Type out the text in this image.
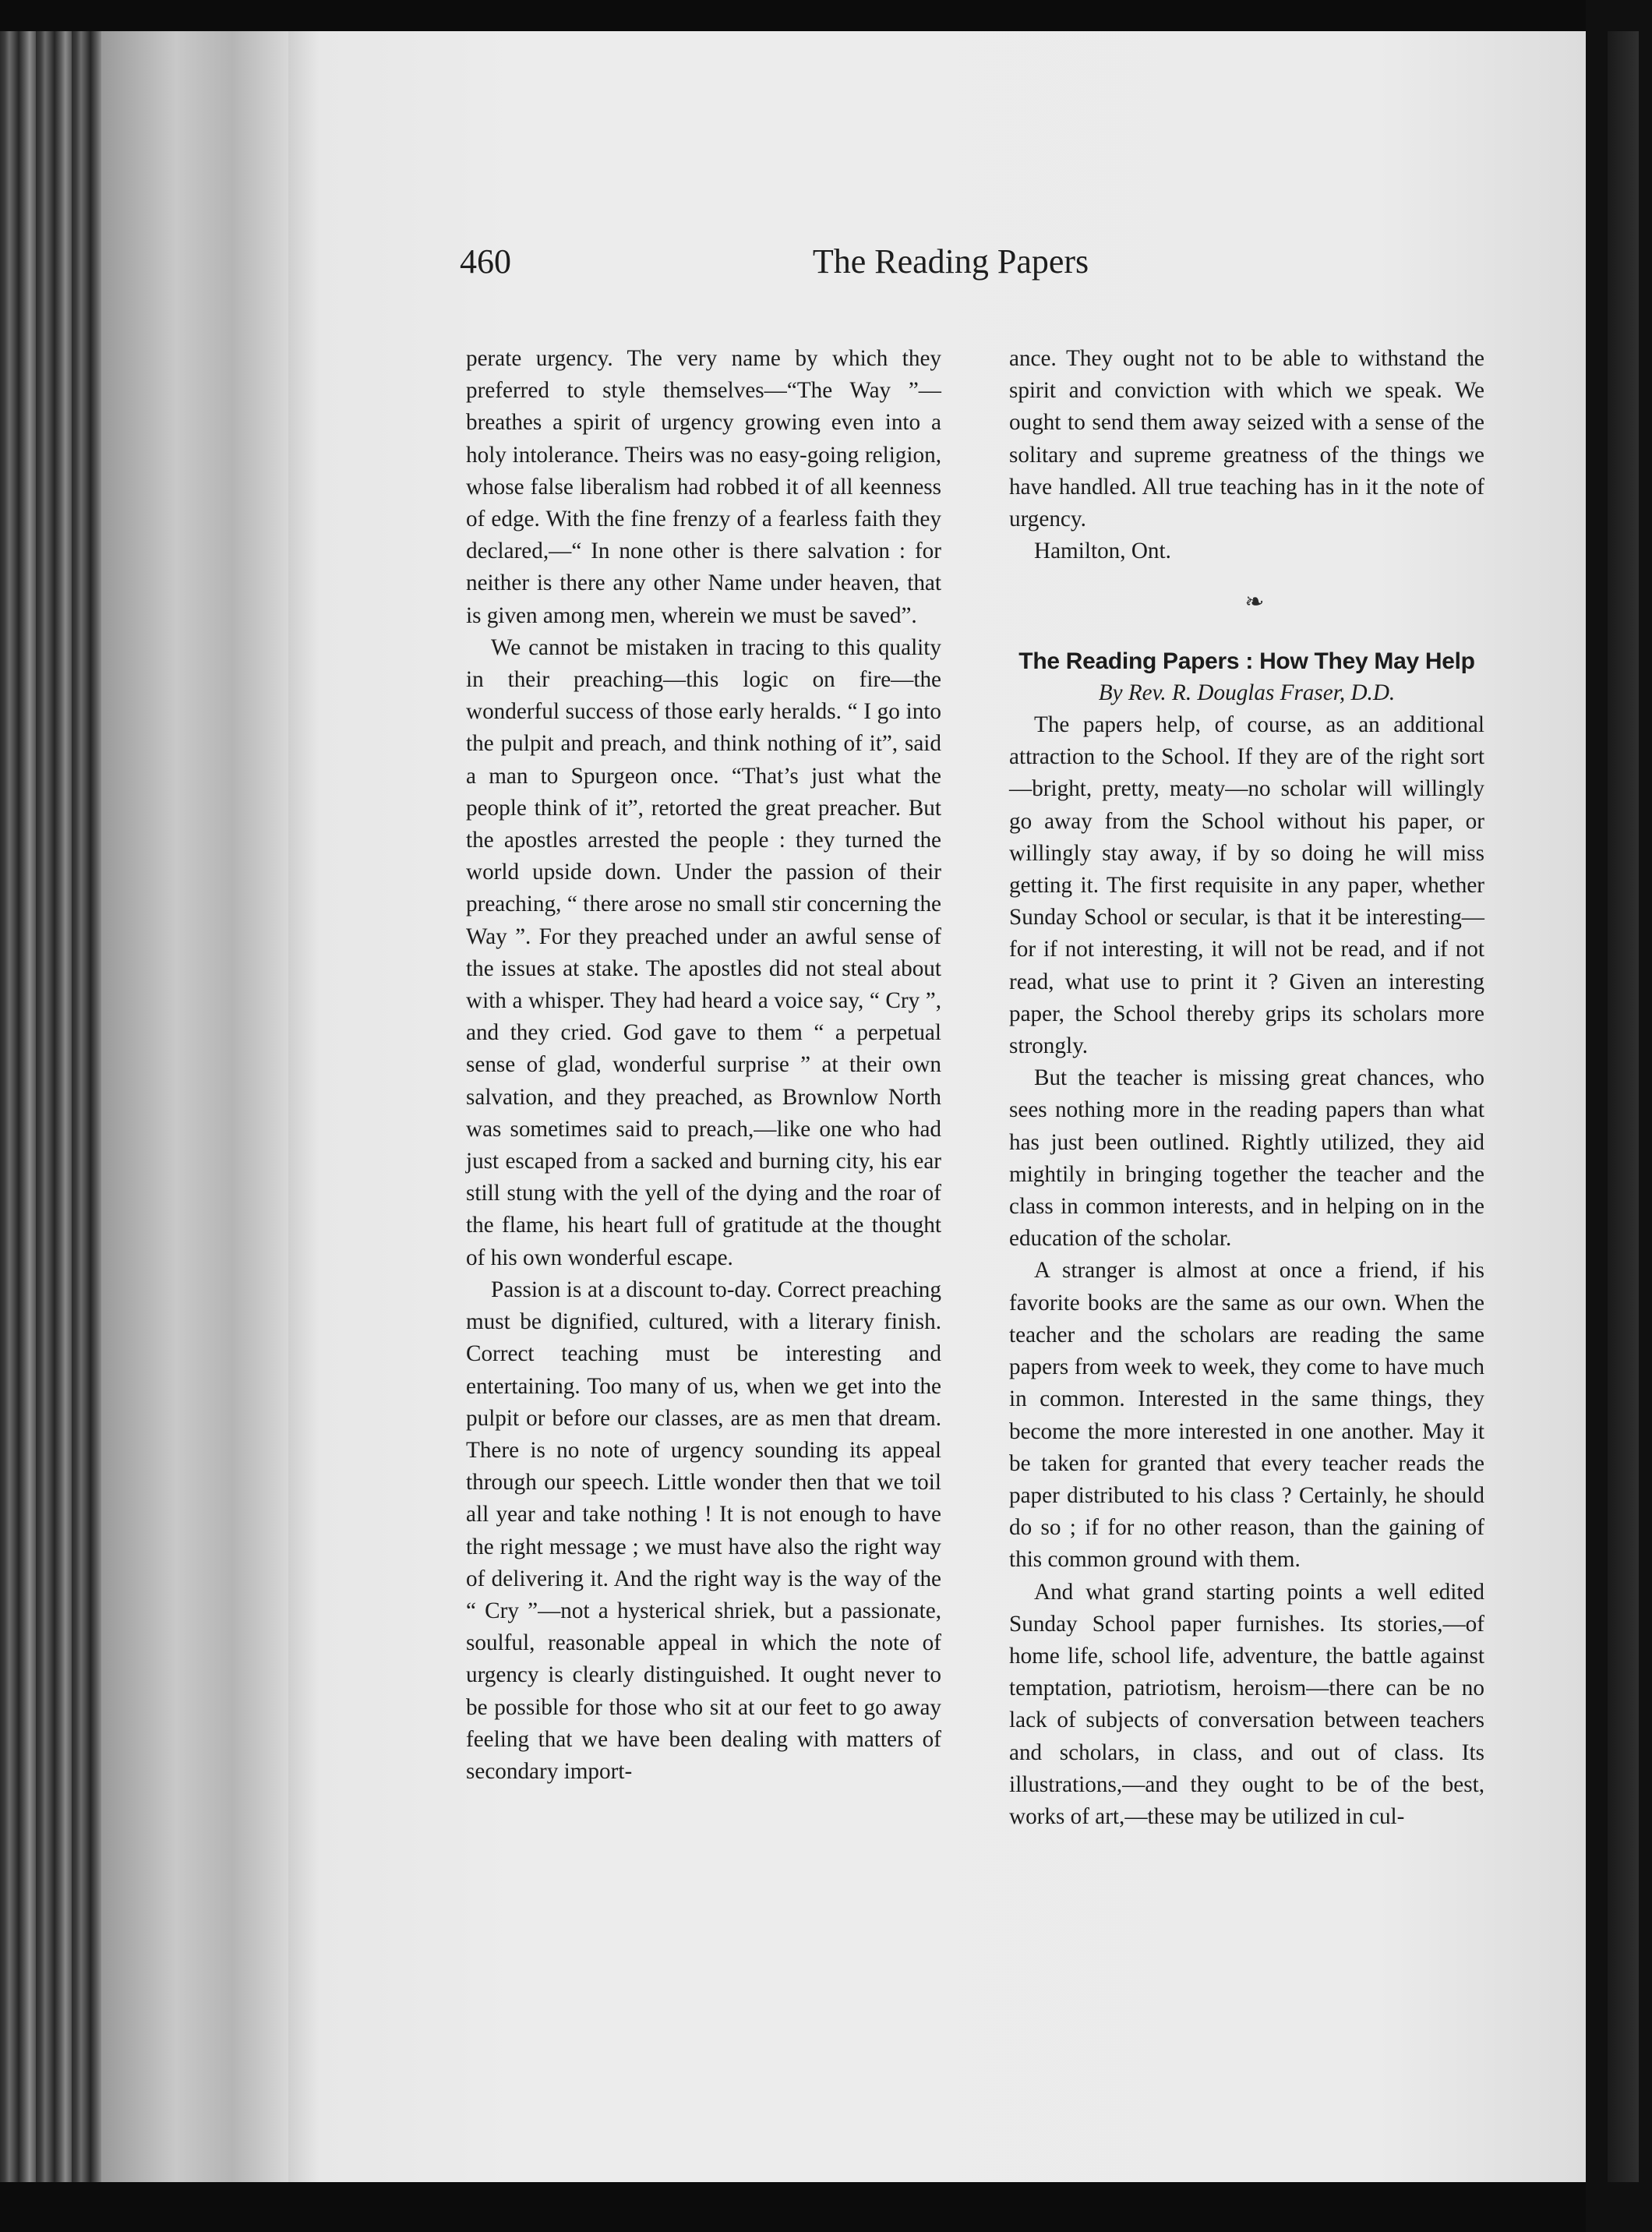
460	The Reading Papers

perate urgency. The very name by which they preferred to style themselves—“The Way ”—breathes a spirit of urgency growing even into a holy intolerance. Theirs was no easy-going religion, whose false liberalism had robbed it of all keenness of edge. With the fine frenzy of a fearless faith they declared,—“ In none other is there salvation : for neither is there any other Name under heaven, that is given among men, wherein we must be saved”.

We cannot be mistaken in tracing to this quality in their preaching—this logic on fire—the wonderful success of those early heralds. “ I go into the pulpit and preach, and think nothing of it”, said a man to Spurgeon once. “That’s just what the people think of it”, retorted the great preacher. But the apostles arrested the people : they turned the world upside down. Under the passion of their preaching, “ there arose no small stir concerning the Way ”. For they preached under an awful sense of the issues at stake. The apostles did not steal about with a whisper. They had heard a voice say, “ Cry ”, and they cried. God gave to them “ a perpetual sense of glad, wonderful surprise ” at their own salvation, and they preached, as Brownlow North was sometimes said to preach,—like one who had just escaped from a sacked and burning city, his ear still stung with the yell of the dying and the roar of the flame, his heart full of gratitude at the thought of his own wonderful escape.

Passion is at a discount to-day. Correct preaching must be dignified, cultured, with a literary finish. Correct teaching must be interesting and entertaining. Too many of us, when we get into the pulpit or before our classes, are as men that dream. There is no note of urgency sounding its appeal through our speech. Little wonder then that we toil all year and take nothing ! It is not enough to have the right message ; we must have also the right way of delivering it. And the right way is the way of the “ Cry ”—not a hysterical shriek, but a passionate, soulful, reasonable appeal in which the note of urgency is clearly distinguished. It ought never to be possible for those who sit at our feet to go away feeling that we have been dealing with matters of secondary import-

ance. They ought not to be able to withstand the spirit and conviction with which we speak. We ought to send them away seized with a sense of the solitary and supreme greatness of the things we have handled. All true teaching has in it the note of urgency.

Hamilton, Ont.

❧

The Reading Papers : How They May Help

By Rev. R. Douglas Fraser, D.D.

The papers help, of course, as an additional attraction to the School. If they are of the right sort—bright, pretty, meaty—no scholar will willingly go away from the School without his paper, or willingly stay away, if by so doing he will miss getting it. The first requisite in any paper, whether Sunday School or secular, is that it be interesting—for if not interesting, it will not be read, and if not read, what use to print it ? Given an interesting paper, the School thereby grips its scholars more strongly.

But the teacher is missing great chances, who sees nothing more in the reading papers than what has just been outlined. Rightly utilized, they aid mightily in bringing together the teacher and the class in common interests, and in helping on in the education of the scholar.

A stranger is almost at once a friend, if his favorite books are the same as our own. When the teacher and the scholars are reading the same papers from week to week, they come to have much in common. Interested in the same things, they become the more interested in one another. May it be taken for granted that every teacher reads the paper distributed to his class ? Certainly, he should do so ; if for no other reason, than the gaining of this common ground with them.

And what grand starting points a well edited Sunday School paper furnishes. Its stories,—of home life, school life, adventure, the battle against temptation, patriotism, heroism—there can be no lack of subjects of conversation between teachers and scholars, in class, and out of class. Its illustrations,—and they ought to be of the best, works of art,—these may be utilized in cul-
